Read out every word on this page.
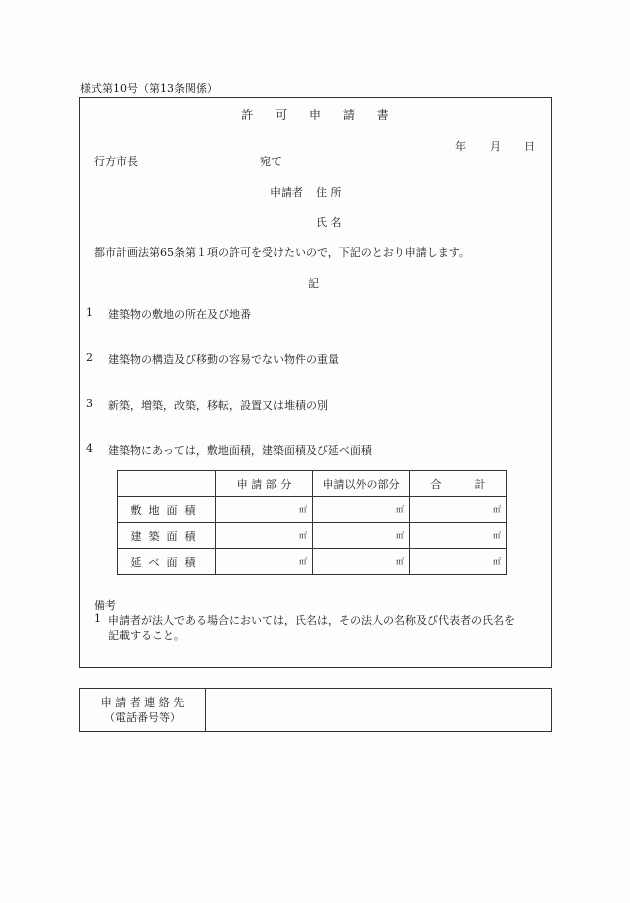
様式第10号（第13条関係）
許 可 申 請 書
年 月 日
行方市長	宛て
申請者 住 所
氏 名
都市計画法第65条第１項の許可を受けたいので，下記のとおり申請します。
記
1 建築物の敷地の所在及び地番
2 建築物の構造及び移動の容易でない物件の重量
3 新築，増築，改築，移転，設置又は堆積の別
4 建築物にあっては，敷地面積，建築面積及び延べ面積
	申 請 部 分	申請以外の部分	合　　　計
敷地面積	㎡	㎡	㎡
建築面積	㎡	㎡	㎡
延べ面積	㎡	㎡	㎡
備考
1 申請者が法人である場合においては，氏名は，その法人の名称及び代表者の氏名を
記載すること。
申 請 者 連 絡 先
（電話番号等）
